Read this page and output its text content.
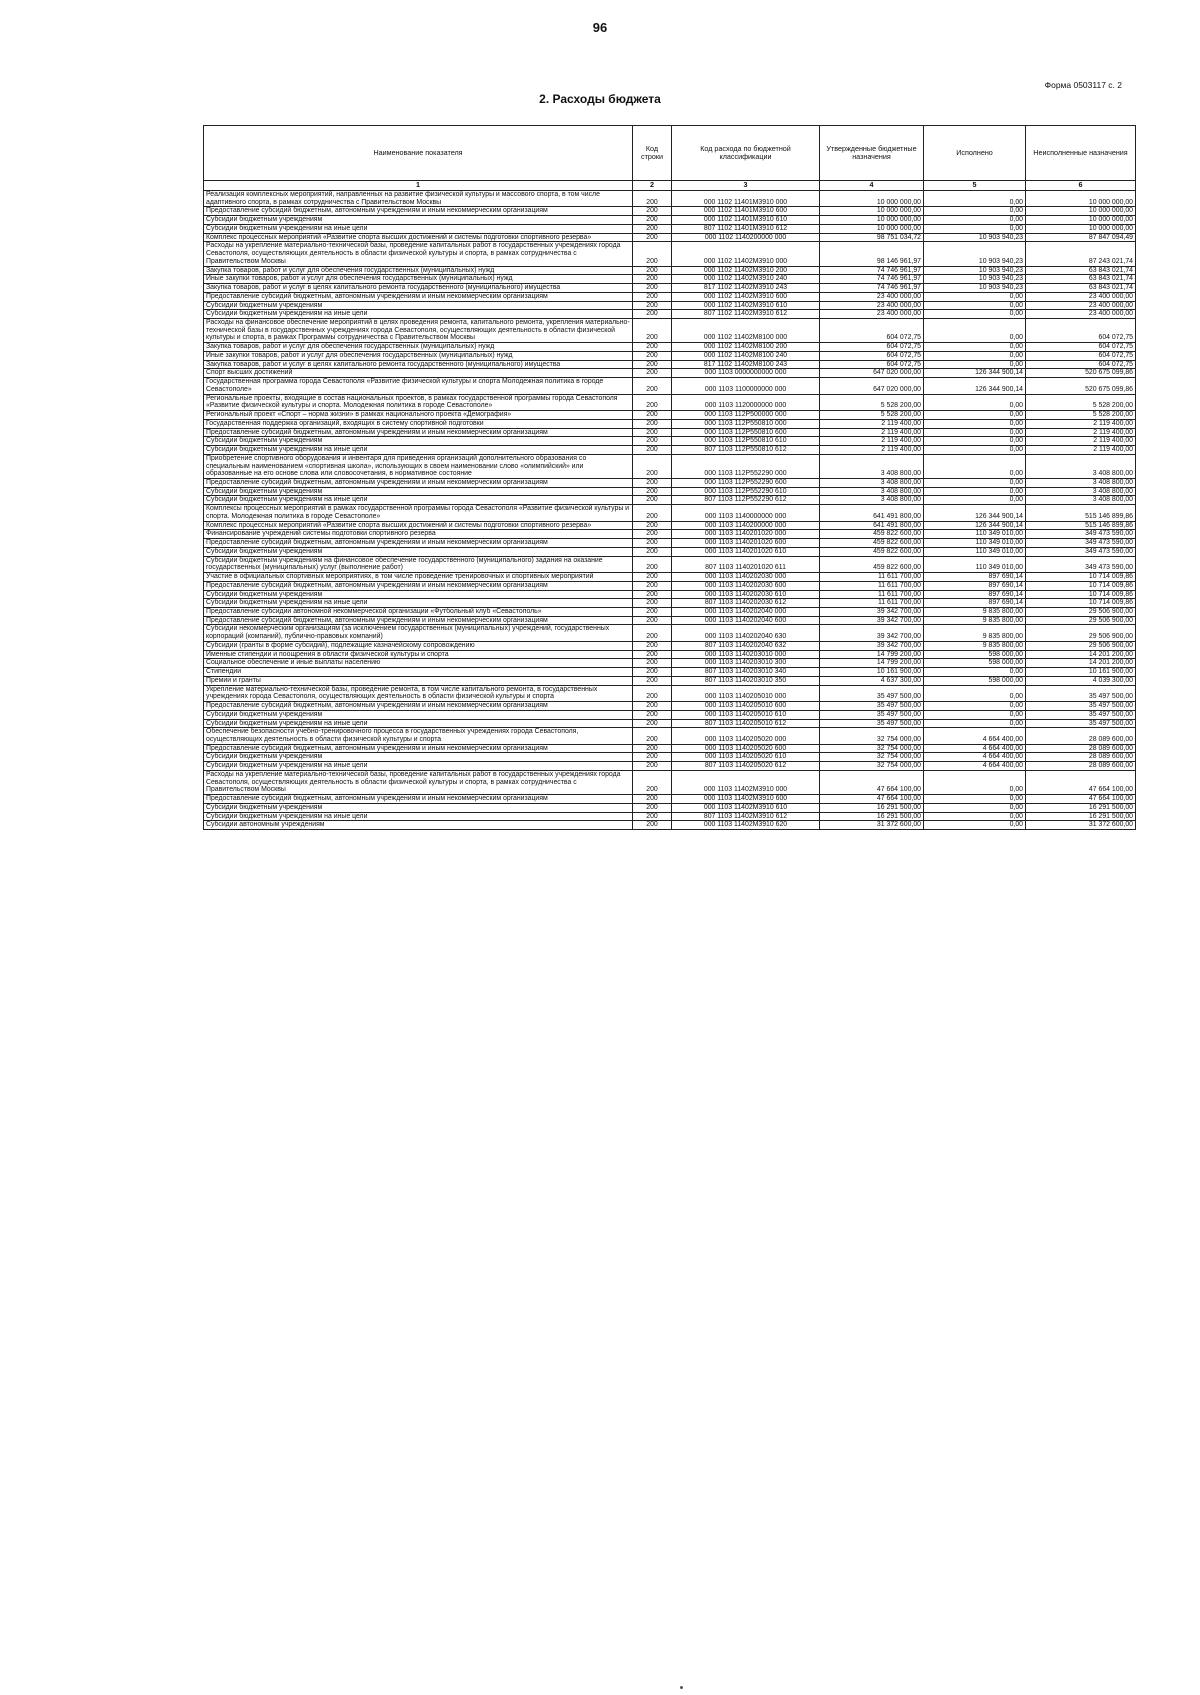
96
Форма 0503117 с. 2
2. Расходы бюджета
Наименование показателя	Код строки	Код расхода по бюджетной классификации	Утвержденные бюджетные назначения	Исполнено	Неисполненные назначения
1	2	3	4	5	6
Реализация комплексных мероприятий, направленных на развитие физической культуры и массового спорта, в том числе адаптивного спорта, в рамках сотрудничества с Правительством Москвы	200	000 1102 11401М3910 000	10 000 000,00	0,00	10 000 000,00
Предоставление субсидий бюджетным, автономным учреждениям и иным некоммерческим организациям	200	000 1102 11401М3910 600	10 000 000,00	0,00	10 000 000,00
Субсидии бюджетным учреждениям	200	000 1102 11401М3910 610	10 000 000,00	0,00	10 000 000,00
Субсидии бюджетным учреждениям на иные цели	200	807 1102 11401М3910 612	10 000 000,00	0,00	10 000 000,00
Комплекс процессных мероприятий «Развитие спорта высших достижений и системы подготовки спортивного резерва»	200	000 1102 1140200000 000	98 751 034,72	10 903 940,23	87 847 094,49
Расходы на укрепление материально-технической базы, проведение капитальных работ в государственных учреждениях города Севастополя, осуществляющих деятельность в области физической культуры и спорта, в рамках сотрудничества с Правительством Москвы	200	000 1102 11402М3910 000	98 146 961,97	10 903 940,23	87 243 021,74
Закупка товаров, работ и услуг для обеспечения государственных (муниципальных) нужд	200	000 1102 11402М3910 200	74 746 961,97	10 903 940,23	63 843 021,74
Иные закупки товаров, работ и услуг для обеспечения государственных (муниципальных) нужд	200	000 1102 11402М3910 240	74 746 961,97	10 903 940,23	63 843 021,74
Закупка товаров, работ и услуг в целях капитального ремонта государственного (муниципального) имущества	200	817 1102 11402М3910 243	74 746 961,97	10 903 940,23	63 843 021,74
Предоставление субсидий бюджетным, автономным учреждениям и иным некоммерческим организациям	200	000 1102 11402М3910 600	23 400 000,00	0,00	23 400 000,00
Субсидии бюджетным учреждениям	200	000 1102 11402М3910 610	23 400 000,00	0,00	23 400 000,00
Субсидии бюджетным учреждениям на иные цели	200	807 1102 11402М3910 612	23 400 000,00	0,00	23 400 000,00
Расходы на финансовое обеспечение мероприятий в целях проведения ремонта, капитального ремонта, укрепления материально-технической базы в государственных учреждениях города Севастополя, осуществляющих деятельность в области физической культуры и спорта, в рамках Программы сотрудничества с Правительством Москвы	200	000 1102 11402М8100 000	604 072,75	0,00	604 072,75
Закупка товаров, работ и услуг для обеспечения государственных (муниципальных) нужд	200	000 1102 11402М8100 200	604 072,75	0,00	604 072,75
Иные закупки товаров, работ и услуг для обеспечения государственных (муниципальных) нужд	200	000 1102 11402М8100 240	604 072,75	0,00	604 072,75
Закупка товаров, работ и услуг в целях капитального ремонта государственного (муниципального) имущества	200	817 1102 11402М8100 243	604 072,75	0,00	604 072,75
Спорт высших достижений	200	000 1103 0000000000 000	647 020 000,00	126 344 900,14	520 675 099,86
Государственная программа города Севастополя «Развитие физической культуры и спорта Молодежная политика в городе Севастополе»	200	000 1103 1100000000 000	647 020 000,00	126 344 900,14	520 675 099,86
Региональные проекты, входящие в состав национальных проектов, в рамках государственной программы города Севастополя «Развитие физической культуры и спорта. Молодежная политика в городе Севастополе»	200	000 1103 1120000000 000	5 528 200,00	0,00	5 528 200,00
Региональный проект «Спорт – норма жизни» в рамках национального проекта «Демография»	200	000 1103 112P500000 000	5 528 200,00	0,00	5 528 200,00
Государственная поддержка организаций, входящих в систему спортивной подготовки	200	000 1103 112P550810 000	2 119 400,00	0,00	2 119 400,00
Предоставление субсидий бюджетным, автономным учреждениям и иным некоммерческим организациям	200	000 1103 112P550810 600	2 119 400,00	0,00	2 119 400,00
Субсидии бюджетным учреждениям	200	000 1103 112P550810 610	2 119 400,00	0,00	2 119 400,00
Субсидии бюджетным учреждениям на иные цели	200	807 1103 112P550810 612	2 119 400,00	0,00	2 119 400,00
Приобретение спортивного оборудования и инвентаря для приведения организаций дополнительного образования со специальным наименованием «спортивная школа», использующих в своем наименовании слово «олимпийский» или образованные на его основе слова или словосочетания, в нормативное состояние	200	000 1103 112P552290 000	3 408 800,00	0,00	3 408 800,00
Предоставление субсидий бюджетным, автономным учреждениям и иным некоммерческим организациям	200	000 1103 112P552290 600	3 408 800,00	0,00	3 408 800,00
Субсидии бюджетным учреждениям	200	000 1103 112P552290 610	3 408 800,00	0,00	3 408 800,00
Субсидии бюджетным учреждениям на иные цели	200	807 1103 112P552290 612	3 408 800,00	0,00	3 408 800,00
Комплексы процессных мероприятий в рамках государственной программы города Севастополя «Развитие физической культуры и спорта. Молодежная политика в городе Севастополе»	200	000 1103 1140000000 000	641 491 800,00	126 344 900,14	515 146 899,86
Комплекс процессных мероприятий «Развитие спорта высших достижений и системы подготовки спортивного резерва»	200	000 1103 1140200000 000	641 491 800,00	126 344 900,14	515 146 899,86
Финансирование учреждений системы подготовки спортивного резерва	200	000 1103 1140201020 000	459 822 600,00	110 349 010,00	349 473 590,00
Предоставление субсидий бюджетным, автономным учреждениям и иным некоммерческим организациям	200	000 1103 1140201020 600	459 822 600,00	110 349 010,00	349 473 590,00
Субсидии бюджетным учреждениям	200	000 1103 1140201020 610	459 822 600,00	110 349 010,00	349 473 590,00
Субсидии бюджетным учреждениям на финансовое обеспечение государственного (муниципального) задания на оказание государственных (муниципальных) услуг (выполнение работ)	200	807 1103 1140201020 611	459 822 600,00	110 349 010,00	349 473 590,00
Участие в официальных спортивных мероприятиях, в том числе проведение тренировочных и спортивных мероприятий	200	000 1103 1140202030 000	11 611 700,00	897 690,14	10 714 009,86
Предоставление субсидий бюджетным, автономным учреждениям и иным некоммерческим организациям	200	000 1103 1140202030 600	11 611 700,00	897 690,14	10 714 009,86
Субсидии бюджетным учреждениям	200	000 1103 1140202030 610	11 611 700,00	897 690,14	10 714 009,86
Субсидии бюджетным учреждениям на иные цели	200	807 1103 1140202030 612	11 611 700,00	897 690,14	10 714 009,86
Предоставление субсидии автономной некоммерческой организации «Футбольный клуб «Севастополь»	200	000 1103 1140202040 000	39 342 700,00	9 835 800,00	29 506 900,00
Предоставление субсидий бюджетным, автономным учреждениям и иным некоммерческим организациям	200	000 1103 1140202040 600	39 342 700,00	9 835 800,00	29 506 900,00
Субсидии некоммерческим организациям (за исключением государственных (муниципальных) учреждений, государственных корпораций (компаний), публично-правовых компаний)	200	000 1103 1140202040 630	39 342 700,00	9 835 800,00	29 506 900,00
Субсидии (гранты в форме субсидий), подлежащие казначейскому сопровождению	200	807 1103 1140202040 632	39 342 700,00	9 835 800,00	29 506 900,00
Именные стипендии и поощрения в области физической культуры и спорта	200	000 1103 1140203010 000	14 799 200,00	598 000,00	14 201 200,00
Социальное обеспечение и иные выплаты населению	200	000 1103 1140203010 300	14 799 200,00	598 000,00	14 201 200,00
Стипендии	200	807 1103 1140203010 340	10 161 900,00	0,00	10 161 900,00
Премии и гранты	200	807 1103 1140203010 350	4 637 300,00	598 000,00	4 039 300,00
Укрепление материально-технической базы, проведение ремонта, в том числе капитального ремонта, в государственных учреждениях города Севастополя, осуществляющих деятельность в области физической культуры и спорта	200	000 1103 1140205010 000	35 497 500,00	0,00	35 497 500,00
Предоставление субсидий бюджетным, автономным учреждениям и иным некоммерческим организациям	200	000 1103 1140205010 600	35 497 500,00	0,00	35 497 500,00
Субсидии бюджетным учреждениям	200	000 1103 1140205010 610	35 497 500,00	0,00	35 497 500,00
Субсидии бюджетным учреждениям на иные цели	200	807 1103 1140205010 612	35 497 500,00	0,00	35 497 500,00
Обеспечение безопасности учебно-тренировочного процесса в государственных учреждениях города Севастополя, осуществляющих деятельность в области физической культуры и спорта	200	000 1103 1140205020 000	32 754 000,00	4 664 400,00	28 089 600,00
Предоставление субсидий бюджетным, автономным учреждениям и иным некоммерческим организациям	200	000 1103 1140205020 600	32 754 000,00	4 664 400,00	28 089 600,00
Субсидии бюджетным учреждениям	200	000 1103 1140205020 610	32 754 000,00	4 664 400,00	28 089 600,00
Субсидии бюджетным учреждениям на иные цели	200	807 1103 1140205020 612	32 754 000,00	4 664 400,00	28 089 600,00
Расходы на укрепление материально-технической базы, проведение капитальных работ в государственных учреждениях города Севастополя, осуществляющих деятельность в области физической культуры и спорта, в рамках сотрудничества с Правительством Москвы	200	000 1103 11402М3910 000	47 664 100,00	0,00	47 664 100,00
Предоставление субсидий бюджетным, автономным учреждениям и иным некоммерческим организациям	200	000 1103 11402М3910 600	47 664 100,00	0,00	47 664 100,00
Субсидии бюджетным учреждениям	200	000 1103 11402М3910 610	16 291 500,00	0,00	16 291 500,00
Субсидии бюджетным учреждениям на иные цели	200	807 1103 11402М3910 612	16 291 500,00	0,00	16 291 500,00
Субсидии автономным учреждениям	200	000 1103 11402М3910 620	31 372 600,00	0,00	31 372 600,00
